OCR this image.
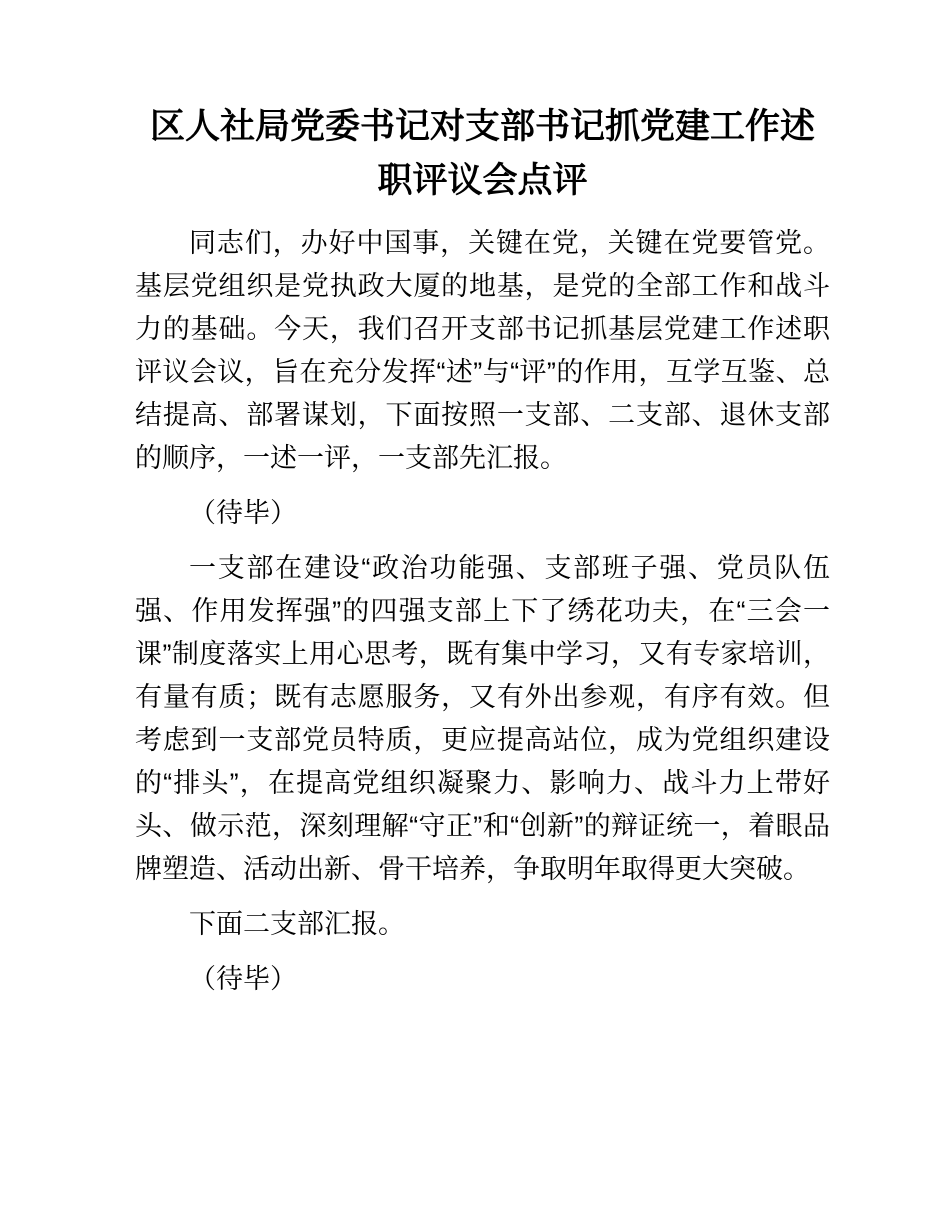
区人社局党委书记对支部书记抓党建工作述职评议会点评

同志们，办好中国事，关键在党，关键在党要管党。基层党组织是党执政大厦的地基，是党的全部工作和战斗力的基础。今天，我们召开支部书记抓基层党建工作述职评议会议，旨在充分发挥“述”与“评”的作用，互学互鉴、总结提高、部署谋划，下面按照一支部、二支部、退休支部的顺序，一述一评，一支部先汇报。

（待毕）

一支部在建设“政治功能强、支部班子强、党员队伍强、作用发挥强”的四强支部上下了绣花功夫，在“三会一课”制度落实上用心思考，既有集中学习，又有专家培训，有量有质；既有志愿服务，又有外出参观，有序有效。但考虑到一支部党员特质，更应提高站位，成为党组织建设的“排头”，在提高党组织凝聚力、影响力、战斗力上带好头、做示范，深刻理解“守正”和“创新”的辩证统一，着眼品牌塑造、活动出新、骨干培养，争取明年取得更大突破。

下面二支部汇报。

（待毕）
